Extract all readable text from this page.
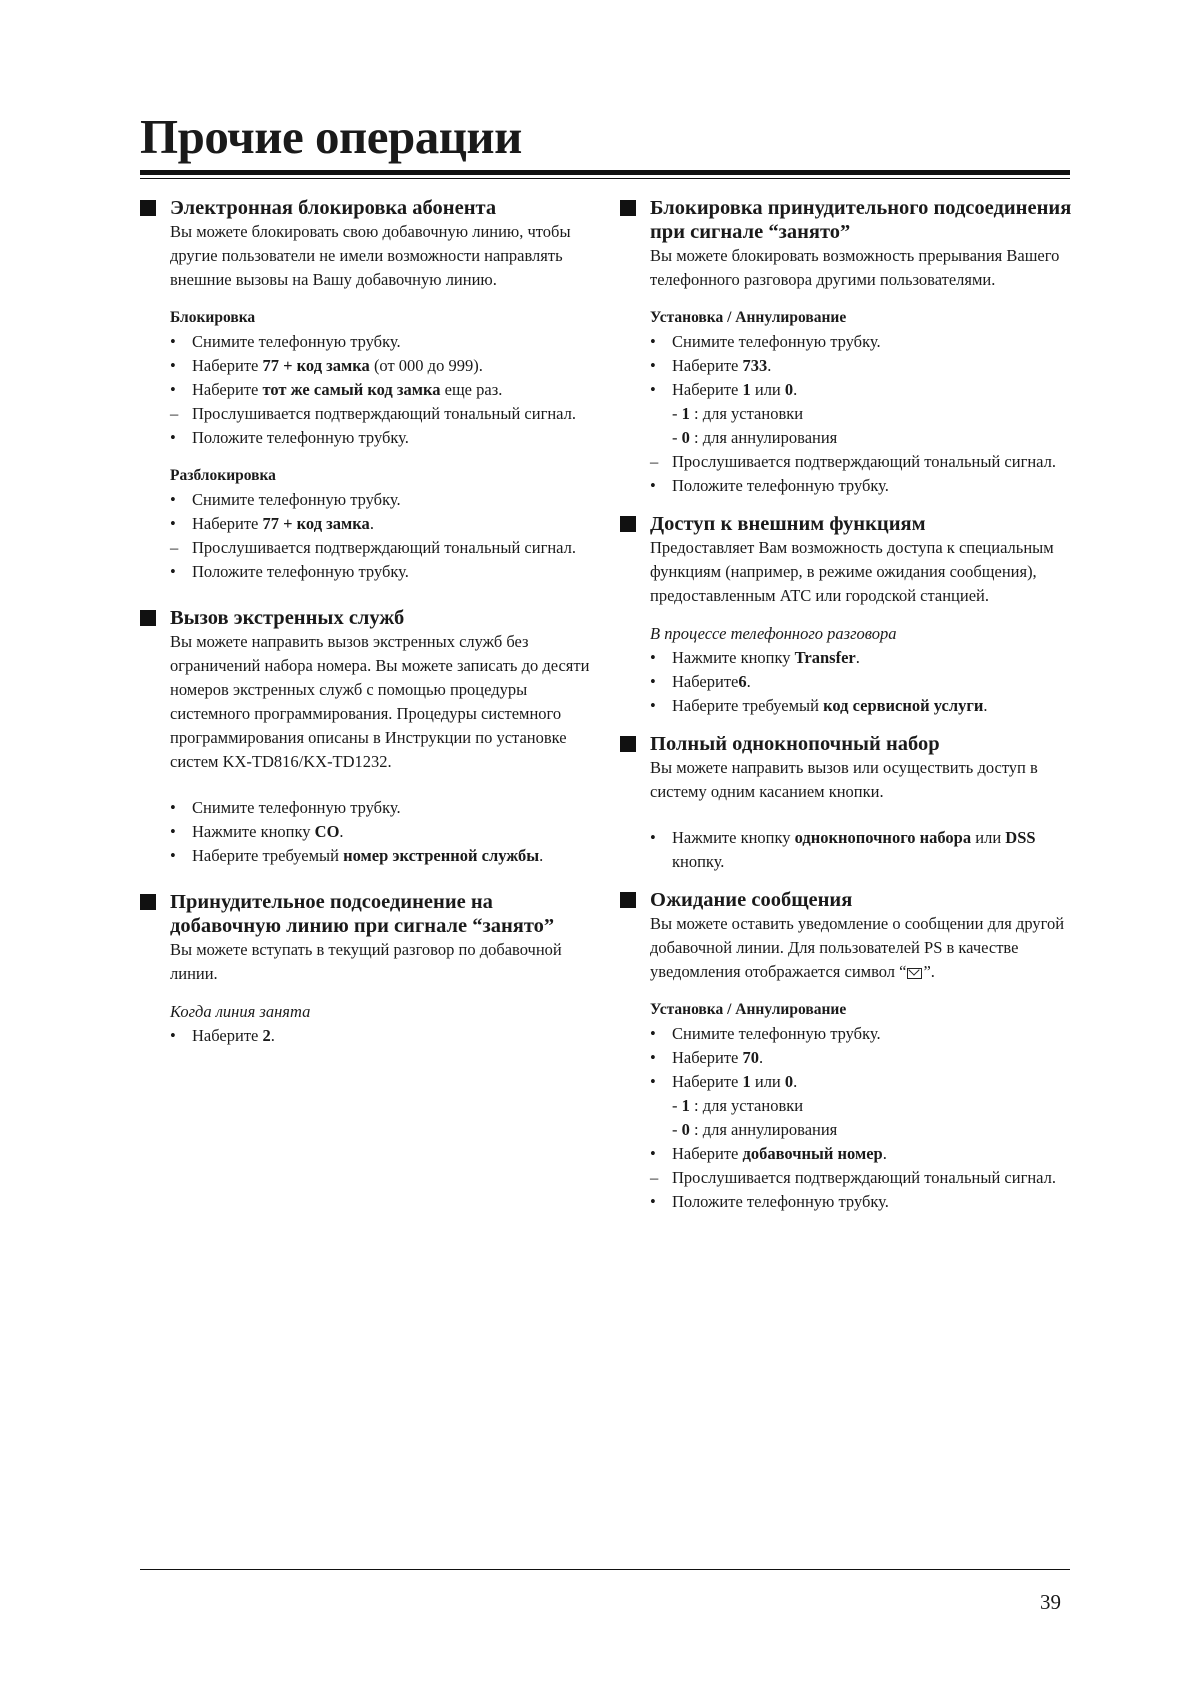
Прочие операции
Электронная блокировка абонента

Вы можете блокировать свою добавочную линию, чтобы другие пользователи не имели возможности направлять внешние вызовы на Вашу добавочную линию.

Блокировка
• Снимите телефонную трубку.
• Наберите 77 + код замка (от 000 до 999).
• Наберите тот же самый код замка еще раз.
– Прослушивается подтверждающий тональный сигнал.
• Положите телефонную трубку.
Разблокировка
• Снимите телефонную трубку.
• Наберите 77 + код замка.
– Прослушивается подтверждающий тональный сигнал.
• Положите телефонную трубку.
Вызов экстренных служб

Вы можете направить вызов экстренных служб без ограничений набора номера. Вы можете записать до десяти номеров экстренных служб с помощью процедуры системного программирования. Процедуры системного программирования описаны в Инструкции по установке систем KX-TD816/KX-TD1232.

• Снимите телефонную трубку.
• Нажмите кнопку CO.
• Наберите требуемый номер экстренной службы.
Принудительное подсоединение на добавочную линию при сигнале “занято”

Вы можете вступать в текущий разговор по добавочной линии.

Когда линия занята
• Наберите 2.
Блокировка принудительного подсоединения при сигнале “занято”

Вы можете блокировать возможность прерывания Вашего телефонного разговора другими пользователями.

Установка / Аннулирование
• Снимите телефонную трубку.
• Наберите 733.
• Наберите 1 или 0.
- 1 : для установки
- 0 : для аннулирования
– Прослушивается подтверждающий тональный сигнал.
• Положите телефонную трубку.
Доступ к внешним функциям

Предоставляет Вам возможность доступа к специальным функциям (например, в режиме ожидания сообщения), предоставленным АТС или городской станцией.

В процессе телефонного разговора
• Нажмите кнопку Transfer.
• Наберите6.
• Наберите требуемый код сервисной услуги.
Полный однокнопочный набор

Вы можете направить вызов или осуществить доступ в систему одним касанием кнопки.

• Нажмите кнопку однокнопочного набора или DSS кнопку.
Ожидание сообщения

Вы можете оставить уведомление о сообщении для другой добавочной линии. Для пользователей PS в качестве уведомления отображается символ “ ”.

Установка / Аннулирование
• Снимите телефонную трубку.
• Наберите 70.
• Наберите 1 или 0.
- 1 : для установки
- 0 : для аннулирования
• Наберите добавочный номер.
– Прослушивается подтверждающий тональный сигнал.
• Положите телефонную трубку.
39
